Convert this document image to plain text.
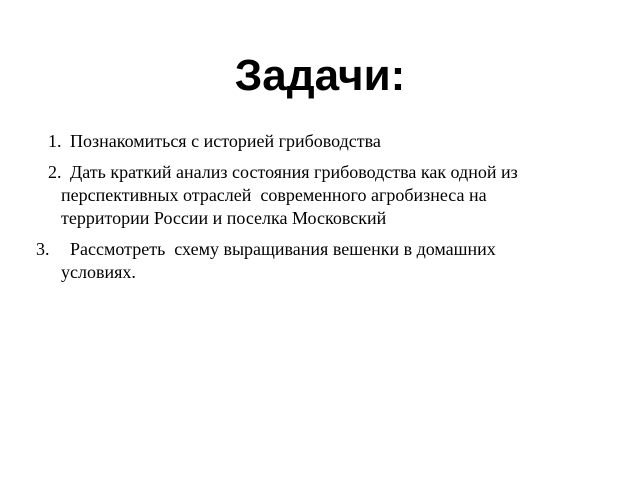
Задачи:
1. Познакомиться с историей грибоводства
2. Дать краткий анализ состояния грибоводства как одной из
перспективных отраслей  современного агробизнеса на
территории России и поселка Московский
3. Рассмотреть  схему выращивания вешенки в домашних
условиях.
